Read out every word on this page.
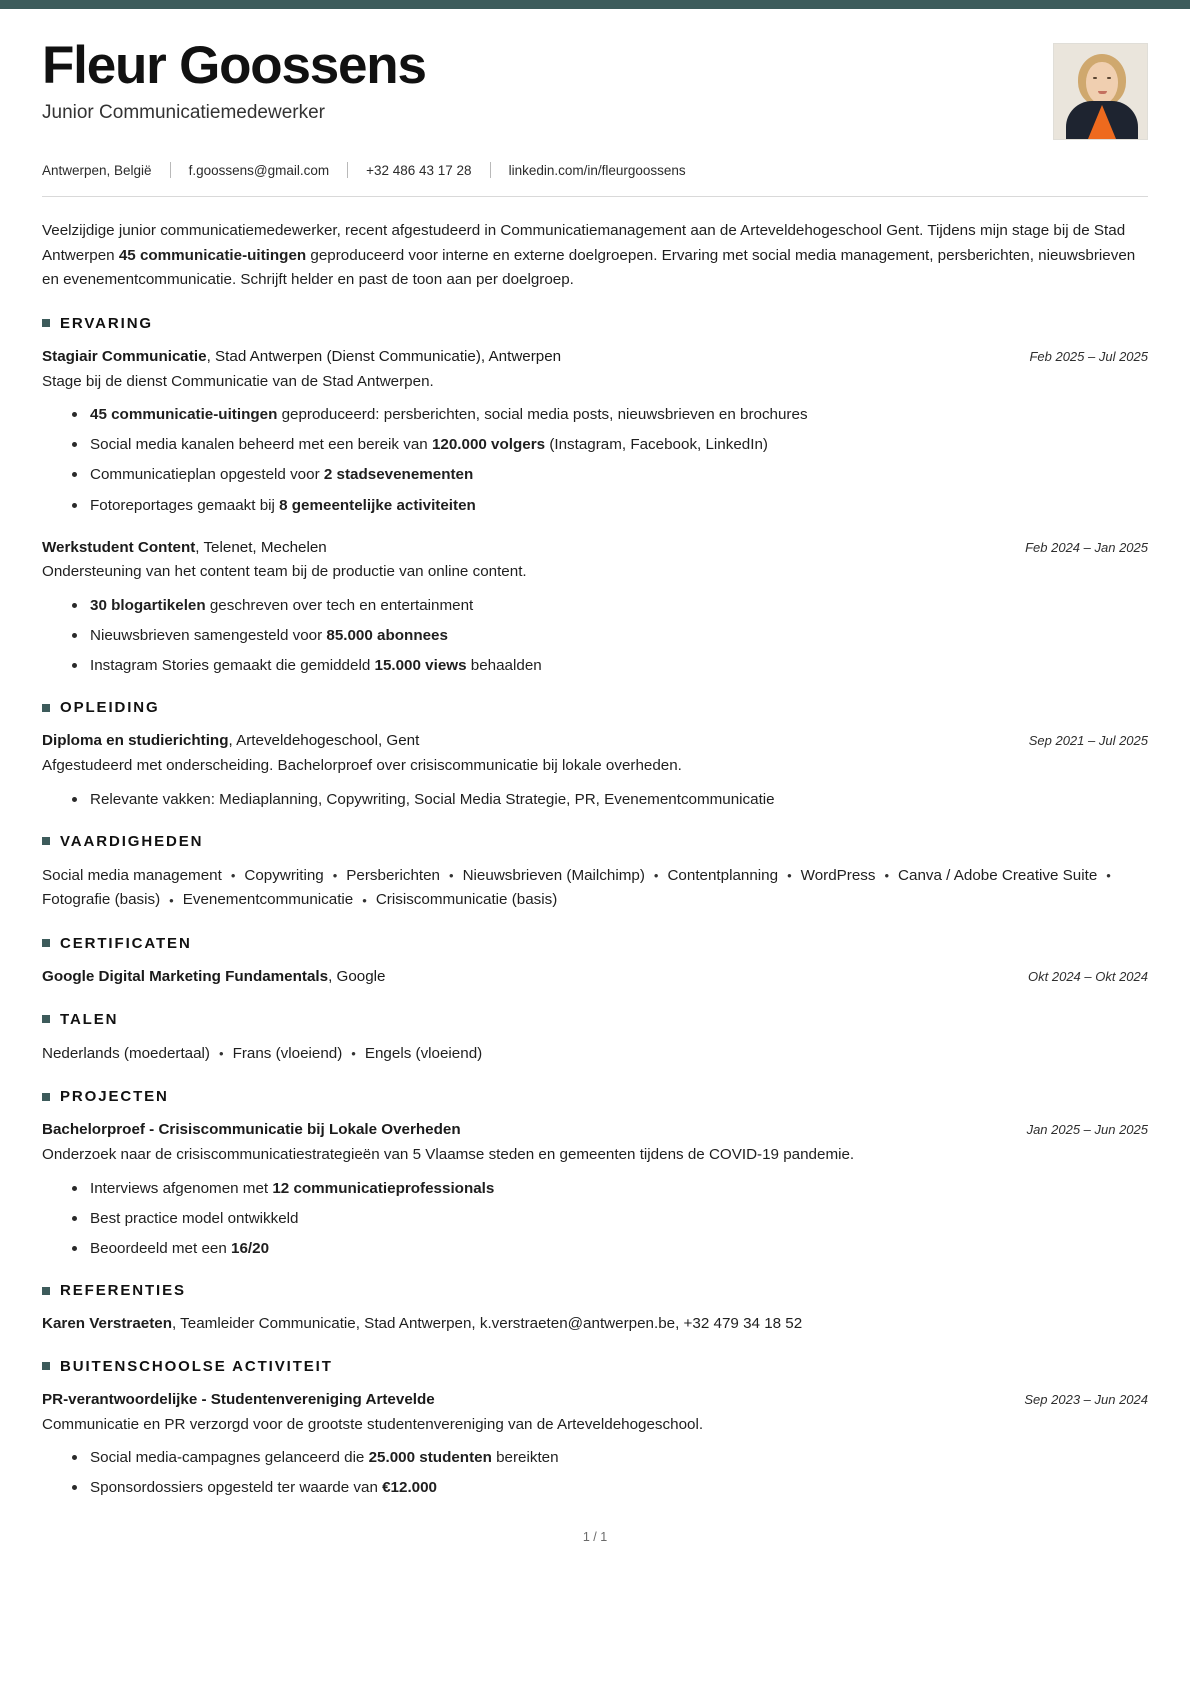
Fleur Goossens
Junior Communicatiemedewerker
Antwerpen, België	f.goossens@gmail.com	+32 486 43 17 28	linkedin.com/in/fleurgoossens
Veelzijdige junior communicatiemedewerker, recent afgestudeerd in Communicatiemanagement aan de Arteveldehogeschool Gent. Tijdens mijn stage bij de Stad Antwerpen 45 communicatie-uitingen geproduceerd voor interne en externe doelgroepen. Ervaring met social media management, persberichten, nieuwsbrieven en evenementcommunicatie. Schrijft helder en past de toon aan per doelgroep.
ERVARING
Stagiair Communicatie, Stad Antwerpen (Dienst Communicatie), Antwerpen	Feb 2025 – Jul 2025
Stage bij de dienst Communicatie van de Stad Antwerpen.
45 communicatie-uitingen geproduceerd: persberichten, social media posts, nieuwsbrieven en brochures
Social media kanalen beheerd met een bereik van 120.000 volgers (Instagram, Facebook, LinkedIn)
Communicatieplan opgesteld voor 2 stadsevenementen
Fotoreportages gemaakt bij 8 gemeentelijke activiteiten
Werkstudent Content, Telenet, Mechelen	Feb 2024 – Jan 2025
Ondersteuning van het content team bij de productie van online content.
30 blogartikelen geschreven over tech en entertainment
Nieuwsbrieven samengesteld voor 85.000 abonnees
Instagram Stories gemaakt die gemiddeld 15.000 views behaalden
OPLEIDING
Diploma en studierichting, Arteveldehogeschool, Gent	Sep 2021 – Jul 2025
Afgestudeerd met onderscheiding. Bachelorproef over crisiscommunicatie bij lokale overheden.
Relevante vakken: Mediaplanning, Copywriting, Social Media Strategie, PR, Evenementcommunicatie
VAARDIGHEDEN
Social media management • Copywriting • Persberichten • Nieuwsbrieven (Mailchimp) • Contentplanning • WordPress • Canva / Adobe Creative Suite •Fotografie (basis) • Evenementcommunicatie • Crisiscommunicatie (basis)
CERTIFICATEN
Google Digital Marketing Fundamentals, Google	Okt 2024 – Okt 2024
TALEN
Nederlands (moedertaal) • Frans (vloeiend) • Engels (vloeiend)
PROJECTEN
Bachelorproef - Crisiscommunicatie bij Lokale Overheden	Jan 2025 – Jun 2025
Onderzoek naar de crisiscommunicatiestrategieën van 5 Vlaamse steden en gemeenten tijdens de COVID-19 pandemie.
Interviews afgenomen met 12 communicatieprofessionals
Best practice model ontwikkeld
Beoordeeld met een 16/20
REFERENTIES
Karen Verstraeten, Teamleider Communicatie, Stad Antwerpen, k.verstraeten@antwerpen.be, +32 479 34 18 52
BUITENSCHOOLSE ACTIVITEIT
PR-verantwoordelijke - Studentenvereniging Artevelde	Sep 2023 – Jun 2024
Communicatie en PR verzorgd voor de grootste studentenvereniging van de Arteveldehogeschool.
Social media-campagnes gelanceerd die 25.000 studenten bereikten
Sponsordossiers opgesteld ter waarde van €12.000
1 / 1
